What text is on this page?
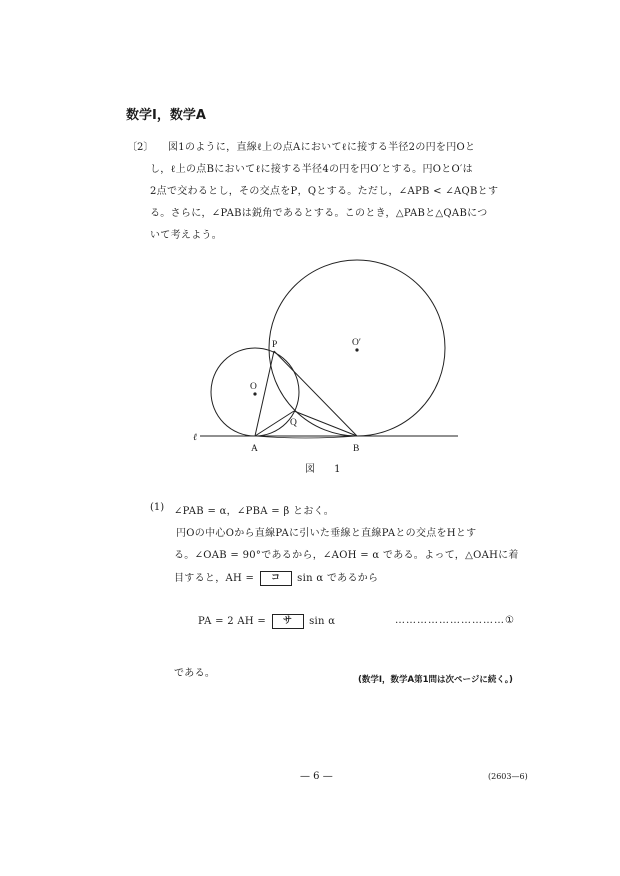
数学Ⅰ，数学A
〔2〕 図1のように，直線ℓ上の点Aにおいてℓに接する半径2の円を円Oと
し，ℓ上の点Bにおいてℓに接する半径4の円を円O′とする。円OとO′は
2点で交わるとし，その交点をP，Qとする。ただし，∠APB < ∠AQBとす
る。さらに，∠PABは鋭角であるとする。このとき，△PABと△QABにつ
いて考えよう。
P
Q
O
O′
A	B
ℓ
図 1
(1) ∠PAB = α，∠PBA = β とおく。
円Oの中心Oから直線PAに引いた垂線と直線PAとの交点をHとす
る。∠OAB = 90°であるから，∠AOH = α である。よって，△OAHに着
目すると，AH = コ sin α であるから
PA = 2 AH = サ sin α	…………………………①
である。
(数学Ⅰ，数学A第1問は次ページに続く。)
— 6 —	(2603—6)
